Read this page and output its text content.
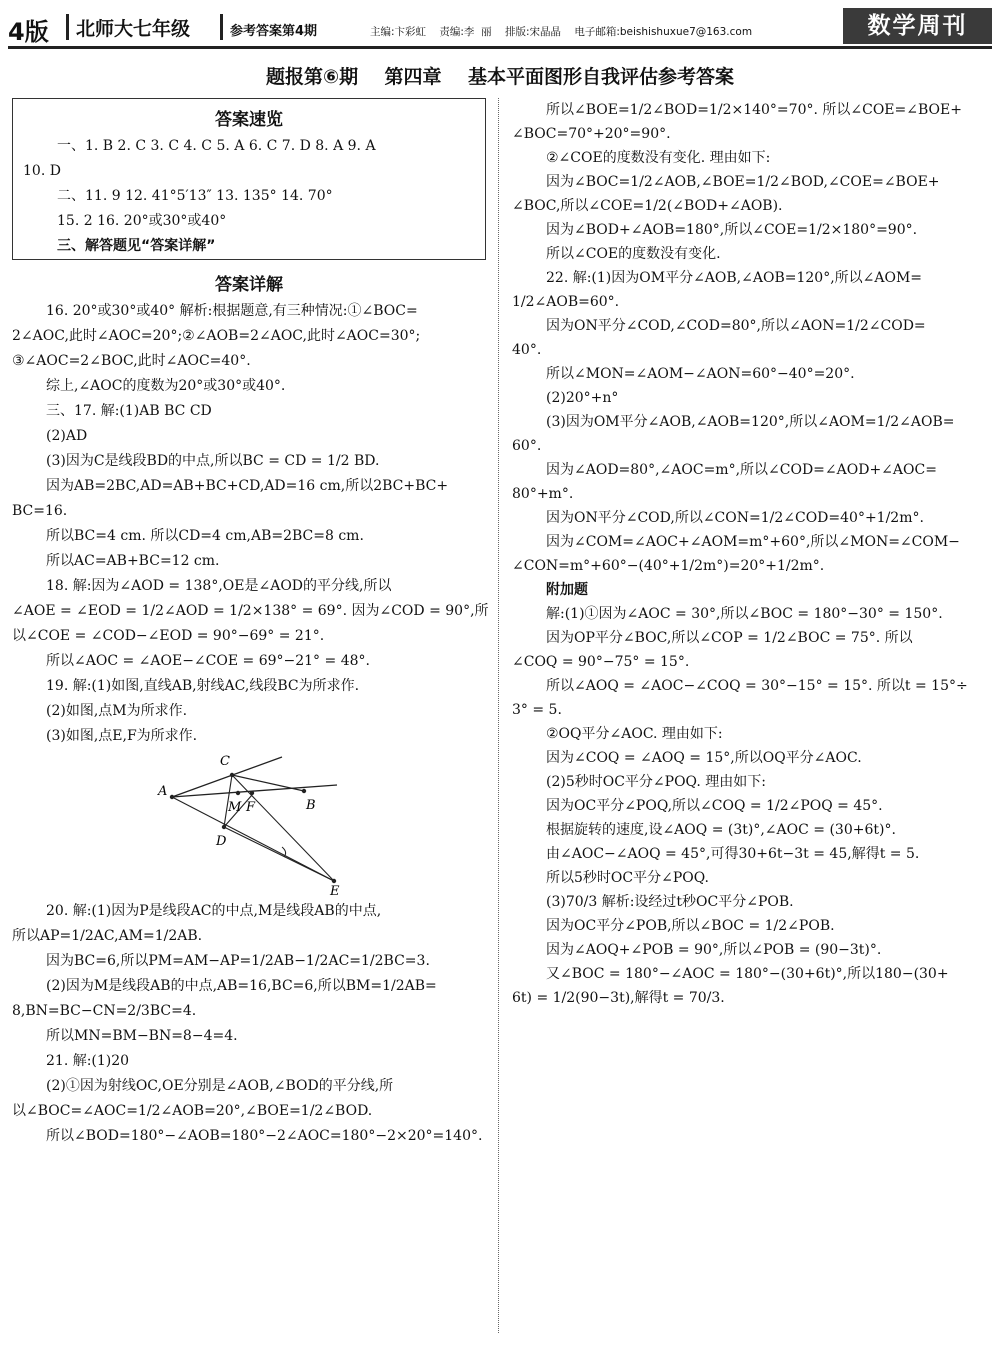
4版 北师大七年级	参考答案第4期	主编:卞彩虹    责编:李  丽    排版:宋晶晶    电子邮箱:beishishuxue7@163.com	数学周刊
题报第⑥期    第四章    基本平面图形自我评估参考答案
答案速览
一、1. B 2. C 3. C 4. C 5. A 6. C 7. D 8. A 9. A
10. D
二、11. 9 12. 41°5′13″ 13. 135° 14. 70°
15. 2 16. 20°或30°或40°
三、解答题见“答案详解”
答案详解
16. 20°或30°或40° 解析:根据题意,有三种情况:①∠BOC=
2∠AOC,此时∠AOC=20°;②∠AOB=2∠AOC,此时∠AOC=30°;
③∠AOC=2∠BOC,此时∠AOC=40°.
综上,∠AOC的度数为20°或30°或40°.
三、17. 解:(1)AB BC CD
(2)AD
(3)因为C是线段BD的中点,所以BC = CD = 1/2 BD.
因为AB=2BC,AD=AB+BC+CD,AD=16 cm,所以2BC+BC+
BC=16.
所以BC=4 cm. 所以CD=4 cm,AB=2BC=8 cm.
所以AC=AB+BC=12 cm.
18. 解:因为∠AOD = 138°,OE是∠AOD的平分线,所以
∠AOE = ∠EOD = 1/2∠AOD = 1/2×138° = 69°. 因为∠COD = 90°,所
以∠COE = ∠COD−∠EOD = 90°−69° = 21°.
所以∠AOC = ∠AOE−∠COE = 69°−21° = 48°.
19. 解:(1)如图,直线AB,射线AC,线段BC为所求作.
(2)如图,点M为所求作.
(3)如图,点E,F为所求作.
C
A
M F	B
D
E
20. 解:(1)因为P是线段AC的中点,M是线段AB的中点,
所以AP=1/2AC,AM=1/2AB.
因为BC=6,所以PM=AM−AP=1/2AB−1/2AC=1/2BC=3.
(2)因为M是线段AB的中点,AB=16,BC=6,所以BM=1/2AB=
8,BN=BC−CN=2/3BC=4.
所以MN=BM−BN=8−4=4.
21. 解:(1)20
(2)①因为射线OC,OE分别是∠AOB,∠BOD的平分线,所
以∠BOC=∠AOC=1/2∠AOB=20°,∠BOE=1/2∠BOD.
所以∠BOD=180°−∠AOB=180°−2∠AOC=180°−2×20°=140°.
所以∠BOE=1/2∠BOD=1/2×140°=70°. 所以∠COE=∠BOE+
∠BOC=70°+20°=90°.
②∠COE的度数没有变化. 理由如下:
因为∠BOC=1/2∠AOB,∠BOE=1/2∠BOD,∠COE=∠BOE+
∠BOC,所以∠COE=1/2(∠BOD+∠AOB).
因为∠BOD+∠AOB=180°,所以∠COE=1/2×180°=90°.
所以∠COE的度数没有变化.
22. 解:(1)因为OM平分∠AOB,∠AOB=120°,所以∠AOM=
1/2∠AOB=60°.
因为ON平分∠COD,∠COD=80°,所以∠AON=1/2∠COD=
40°.
所以∠MON=∠AOM−∠AON=60°−40°=20°.
(2)20°+n°
(3)因为OM平分∠AOB,∠AOB=120°,所以∠AOM=1/2∠AOB=
60°.
因为∠AOD=80°,∠AOC=m°,所以∠COD=∠AOD+∠AOC=
80°+m°.
因为ON平分∠COD,所以∠CON=1/2∠COD=40°+1/2m°.
因为∠COM=∠AOC+∠AOM=m°+60°,所以∠MON=∠COM−
∠CON=m°+60°−(40°+1/2m°)=20°+1/2m°.
附加题
解:(1)①因为∠AOC = 30°,所以∠BOC = 180°−30° = 150°.
因为OP平分∠BOC,所以∠COP = 1/2∠BOC = 75°. 所以
∠COQ = 90°−75° = 15°.
所以∠AOQ = ∠AOC−∠COQ = 30°−15° = 15°. 所以t = 15°÷
3° = 5.
②OQ平分∠AOC. 理由如下:
因为∠COQ = ∠AOQ = 15°,所以OQ平分∠AOC.
(2)5秒时OC平分∠POQ. 理由如下:
因为OC平分∠POQ,所以∠COQ = 1/2∠POQ = 45°.
根据旋转的速度,设∠AOQ = (3t)°,∠AOC = (30+6t)°.
由∠AOC−∠AOQ = 45°,可得30+6t−3t = 45,解得t = 5.
所以5秒时OC平分∠POQ.
(3)70/3 解析:设经过t秒OC平分∠POB.
因为OC平分∠POB,所以∠BOC = 1/2∠POB.
因为∠AOQ+∠POB = 90°,所以∠POB = (90−3t)°.
又∠BOC = 180°−∠AOC = 180°−(30+6t)°,所以180−(30+
6t) = 1/2(90−3t),解得t = 70/3.
